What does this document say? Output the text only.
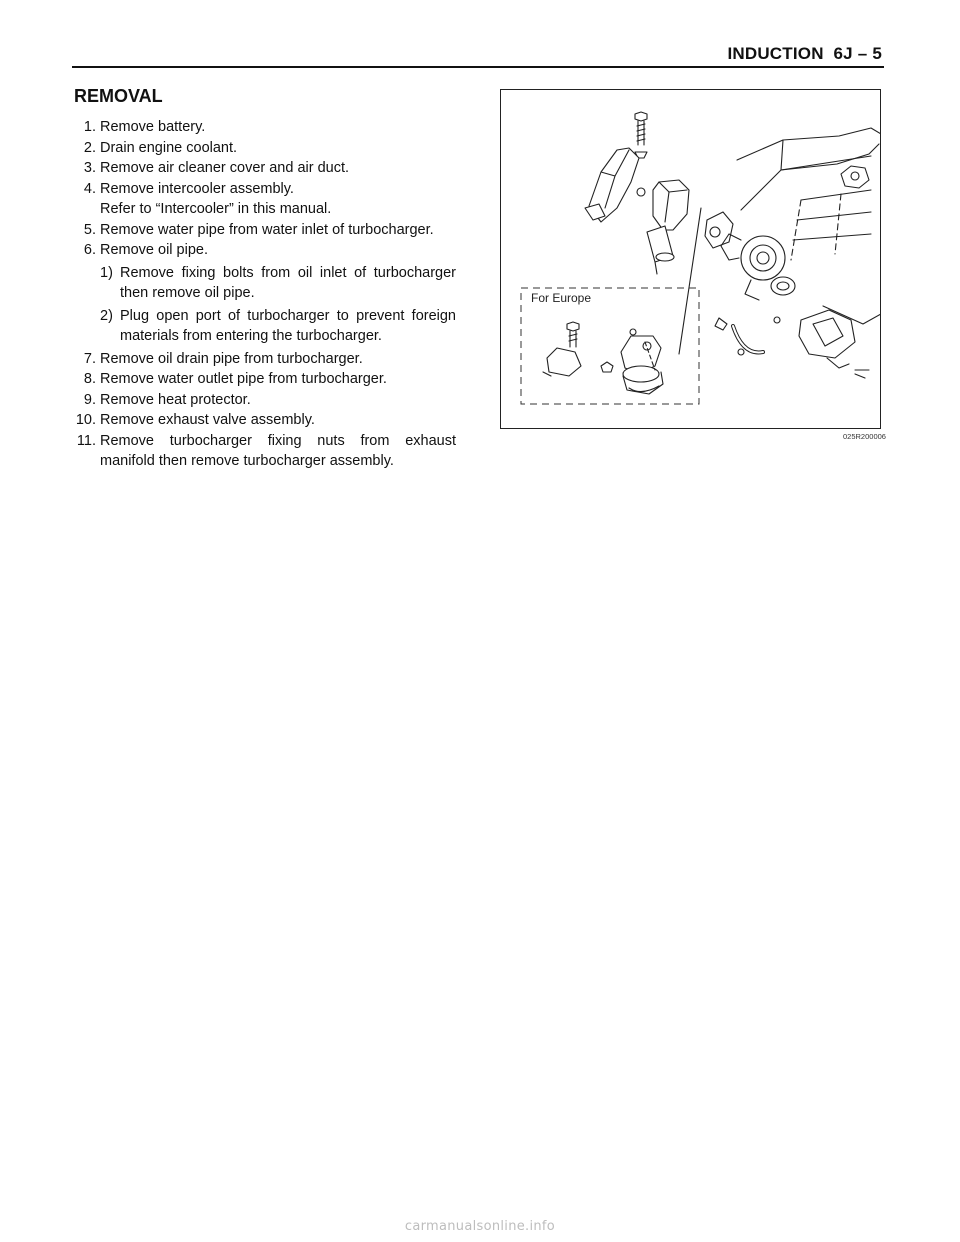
INDUCTION  6J – 5
REMOVAL
1. Remove battery.
2. Drain engine coolant.
3. Remove air cleaner cover and air duct.
4. Remove intercooler assembly.
Refer to “Intercooler” in this manual.
5. Remove water pipe from water inlet of turbocharger.
6. Remove oil pipe.
1) Remove fixing bolts from oil inlet of turbocharger then remove oil pipe.
2) Plug open port of turbocharger to prevent foreign materials from entering the turbocharger.
7. Remove oil drain pipe from turbocharger.
8. Remove water outlet pipe from turbocharger.
9. Remove heat protector.
10. Remove exhaust valve assembly.
11. Remove turbocharger fixing nuts from exhaust manifold then remove turbocharger assembly.
For Europe
025R200006
carmanualsonline.info
